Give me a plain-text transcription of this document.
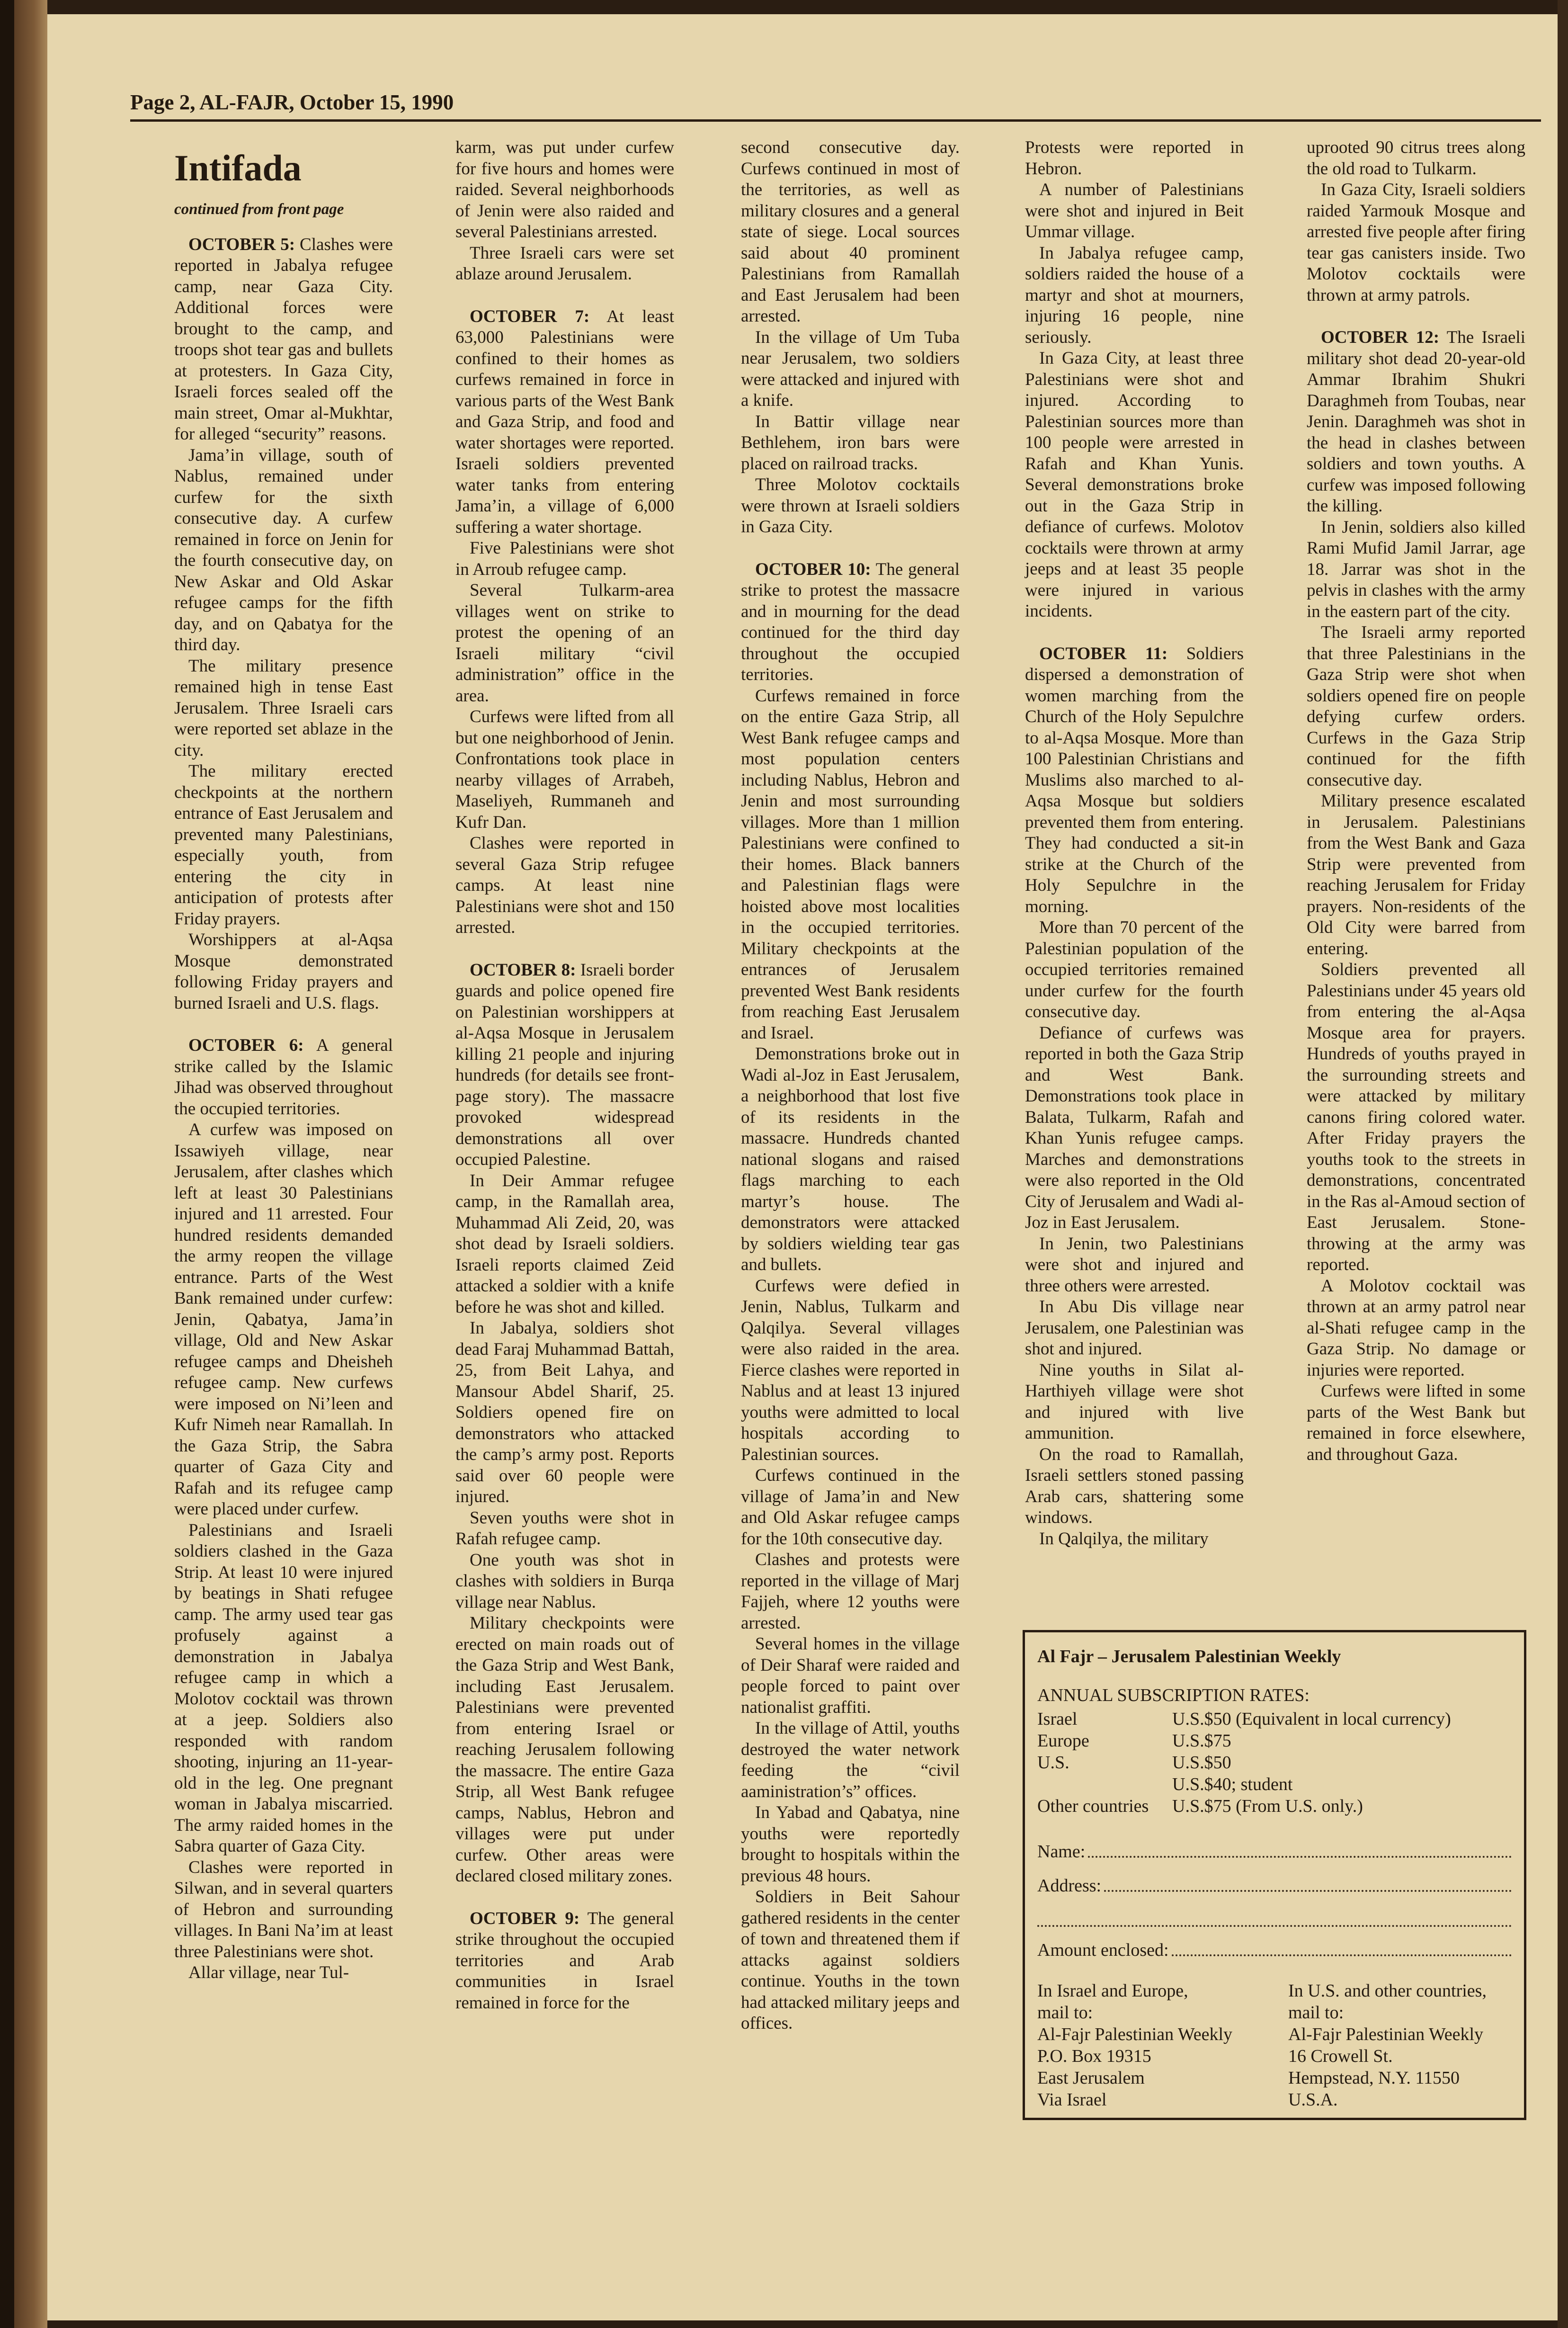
Page 2, AL-FAJR, October 15, 1990
Intifada
continued from front page

OCTOBER 5: Clashes were reported in Jabalya refugee camp, near Gaza City. Additional forces were brought to the camp, and troops shot tear gas and bullets at protesters. In Gaza City, Israeli forces sealed off the main street, Omar al-Mukhtar, for alleged “security” reasons.

Jama’in village, south of Nablus, remained under curfew for the sixth consecutive day. A curfew remained in force on Jenin for the fourth consecutive day, on New Askar and Old Askar refugee camps for the fifth day, and on Qabatya for the third day.

The military presence remained high in tense East Jerusalem. Three Israeli cars were reported set ablaze in the city.

The military erected checkpoints at the northern entrance of East Jerusalem and prevented many Palestinians, especially youth, from entering the city in anticipation of protests after Friday prayers.

Worshippers at al-Aqsa Mosque demonstrated following Friday prayers and burned Israeli and U.S. flags.

OCTOBER 6: A general strike called by the Islamic Jihad was observed throughout the occupied territories.

A curfew was imposed on Issawiyeh village, near Jerusalem, after clashes which left at least 30 Palestinians injured and 11 arrested. Four hundred residents demanded the army reopen the village entrance. Parts of the West Bank remained under curfew: Jenin, Qabatya, Jama’in village, Old and New Askar refugee camps and Dheisheh refugee camp. New curfews were imposed on Ni’leen and Kufr Nimeh near Ramallah. In the Gaza Strip, the Sabra quarter of Gaza City and Rafah and its refugee camp were placed under curfew.

Palestinians and Israeli soldiers clashed in the Gaza Strip. At least 10 were injured by beatings in Shati refugee camp. The army used tear gas profusely against a demonstration in Jabalya refugee camp in which a Molotov cocktail was thrown at a jeep. Soldiers also responded with random shooting, injuring an 11-year-old in the leg. One pregnant woman in Jabalya miscarried. The army raided homes in the Sabra quarter of Gaza City.

Clashes were reported in Silwan, and in several quarters of Hebron and surrounding villages. In Bani Na’im at least three Palestinians were shot.

Allar village, near Tul-

karm, was put under curfew for five hours and homes were raided. Several neighborhoods of Jenin were also raided and several Palestinians arrested.

Three Israeli cars were set ablaze around Jerusalem.

OCTOBER 7: At least 63,000 Palestinians were confined to their homes as curfews remained in force in various parts of the West Bank and Gaza Strip, and food and water shortages were reported. Israeli soldiers prevented water tanks from entering Jama’in, a village of 6,000 suffering a water shortage.

Five Palestinians were shot in Arroub refugee camp.

Several Tulkarm-area villages went on strike to protest the opening of an Israeli military “civil administration” office in the area.

Curfews were lifted from all but one neighborhood of Jenin. Confrontations took place in nearby villages of Arrabeh, Maseliyeh, Rummaneh and Kufr Dan.

Clashes were reported in several Gaza Strip refugee camps. At least nine Palestinians were shot and 150 arrested.

OCTOBER 8: Israeli border guards and police opened fire on Palestinian worshippers at al-Aqsa Mosque in Jerusalem killing 21 people and injuring hundreds (for details see front-page story). The massacre provoked widespread demonstrations all over occupied Palestine.

In Deir Ammar refugee camp, in the Ramallah area, Muhammad Ali Zeid, 20, was shot dead by Israeli soldiers. Israeli reports claimed Zeid attacked a soldier with a knife before he was shot and killed.

In Jabalya, soldiers shot dead Faraj Muhammad Battah, 25, from Beit Lahya, and Mansour Abdel Sharif, 25. Soldiers opened fire on demonstrators who attacked the camp’s army post. Reports said over 60 people were injured.

Seven youths were shot in Rafah refugee camp.

One youth was shot in clashes with soldiers in Burqa village near Nablus.

Military checkpoints were erected on main roads out of the Gaza Strip and West Bank, including East Jerusalem. Palestinians were prevented from entering Israel or reaching Jerusalem following the massacre. The entire Gaza Strip, all West Bank refugee camps, Nablus, Hebron and villages were put under curfew. Other areas were declared closed military zones.

OCTOBER 9: The general strike throughout the occupied territories and Arab communities in Israel remained in force for the

second consecutive day. Curfews continued in most of the territories, as well as military closures and a general state of siege. Local sources said about 40 prominent Palestinians from Ramallah and East Jerusalem had been arrested.

In the village of Um Tuba near Jerusalem, two soldiers were attacked and injured with a knife.

In Battir village near Bethlehem, iron bars were placed on railroad tracks.

Three Molotov cocktails were thrown at Israeli soldiers in Gaza City.

OCTOBER 10: The general strike to protest the massacre and in mourning for the dead continued for the third day throughout the occupied territories.

Curfews remained in force on the entire Gaza Strip, all West Bank refugee camps and most population centers including Nablus, Hebron and Jenin and most surrounding villages. More than 1 million Palestinians were confined to their homes. Black banners and Palestinian flags were hoisted above most localities in the occupied territories. Military checkpoints at the entrances of Jerusalem prevented West Bank residents from reaching East Jerusalem and Israel.

Demonstrations broke out in Wadi al-Joz in East Jerusalem, a neighborhood that lost five of its residents in the massacre. Hundreds chanted national slogans and raised flags marching to each martyr’s house. The demonstrators were attacked by soldiers wielding tear gas and bullets.

Curfews were defied in Jenin, Nablus, Tulkarm and Qalqilya. Several villages were also raided in the area. Fierce clashes were reported in Nablus and at least 13 injured youths were admitted to local hospitals according to Palestinian sources.

Curfews continued in the village of Jama’in and New and Old Askar refugee camps for the 10th consecutive day.

Clashes and protests were reported in the village of Marj Fajjeh, where 12 youths were arrested.

Several homes in the village of Deir Sharaf were raided and people forced to paint over nationalist graffiti.

In the village of Attil, youths destroyed the water network feeding the “civil aaministration’s” offices.

In Yabad and Qabatya, nine youths were reportedly brought to hospitals within the previous 48 hours.

Soldiers in Beit Sahour gathered residents in the center of town and threatened them if attacks against soldiers continue. Youths in the town had attacked military jeeps and offices.

Protests were reported in Hebron.

A number of Palestinians were shot and injured in Beit Ummar village.

In Jabalya refugee camp, soldiers raided the house of a martyr and shot at mourners, injuring 16 people, nine seriously.

In Gaza City, at least three Palestinians were shot and injured. According to Palestinian sources more than 100 people were arrested in Rafah and Khan Yunis. Several demonstrations broke out in the Gaza Strip in defiance of curfews. Molotov cocktails were thrown at army jeeps and at least 35 people were injured in various incidents.

OCTOBER 11: Soldiers dispersed a demonstration of women marching from the Church of the Holy Sepulchre to al-Aqsa Mosque. More than 100 Palestinian Christians and Muslims also marched to al-Aqsa Mosque but soldiers prevented them from entering. They had conducted a sit-in strike at the Church of the Holy Sepulchre in the morning.

More than 70 percent of the Palestinian population of the occupied territories remained under curfew for the fourth consecutive day.

Defiance of curfews was reported in both the Gaza Strip and West Bank. Demonstrations took place in Balata, Tulkarm, Rafah and Khan Yunis refugee camps. Marches and demonstrations were also reported in the Old City of Jerusalem and Wadi al-Joz in East Jerusalem.

In Jenin, two Palestinians were shot and injured and three others were arrested.

In Abu Dis village near Jerusalem, one Palestinian was shot and injured.

Nine youths in Silat al-Harthiyeh village were shot and injured with live ammunition.

On the road to Ramallah, Israeli settlers stoned passing Arab cars, shattering some windows.

In Qalqilya, the military

uprooted 90 citrus trees along the old road to Tulkarm.

In Gaza City, Israeli soldiers raided Yarmouk Mosque and arrested five people after firing tear gas canisters inside. Two Molotov cocktails were thrown at army patrols.

OCTOBER 12: The Israeli military shot dead 20-year-old Ammar Ibrahim Shukri Daraghmeh from Toubas, near Jenin. Daraghmeh was shot in the head in clashes between soldiers and town youths. A curfew was imposed following the killing.

In Jenin, soldiers also killed Rami Mufid Jamil Jarrar, age 18. Jarrar was shot in the pelvis in clashes with the army in the eastern part of the city.

The Israeli army reported that three Palestinians in the Gaza Strip were shot when soldiers opened fire on people defying curfew orders. Curfews in the Gaza Strip continued for the fifth consecutive day.

Military presence escalated in Jerusalem. Palestinians from the West Bank and Gaza Strip were prevented from reaching Jerusalem for Friday prayers. Non-residents of the Old City were barred from entering.

Soldiers prevented all Palestinians under 45 years old from entering the al-Aqsa Mosque area for prayers. Hundreds of youths prayed in the surrounding streets and were attacked by military canons firing colored water. After Friday prayers the youths took to the streets in demonstrations, concentrated in the Ras al-Amoud section of East Jerusalem. Stone-throwing at the army was reported.

A Molotov cocktail was thrown at an army patrol near al-Shati refugee camp in the Gaza Strip. No damage or injuries were reported.

Curfews were lifted in some parts of the West Bank but remained in force elsewhere, and throughout Gaza.

Al Fajr – Jerusalem Palestinian Weekly
ANNUAL SUBSCRIPTION RATES:
Israel	U.S.$50 (Equivalent in local currency)
Europe	U.S.$75
U.S.	U.S.$50
U.S.$40; student
Other countries	U.S.$75 (From U.S. only.)
Name:
Address:
Amount enclosed:
In Israel and Europe,
mail to:
Al-Fajr Palestinian Weekly
P.O. Box 19315
East Jerusalem
Via Israel
In U.S. and other countries,
mail to:
Al-Fajr Palestinian Weekly
16 Crowell St.
Hempstead, N.Y. 11550
U.S.A.
